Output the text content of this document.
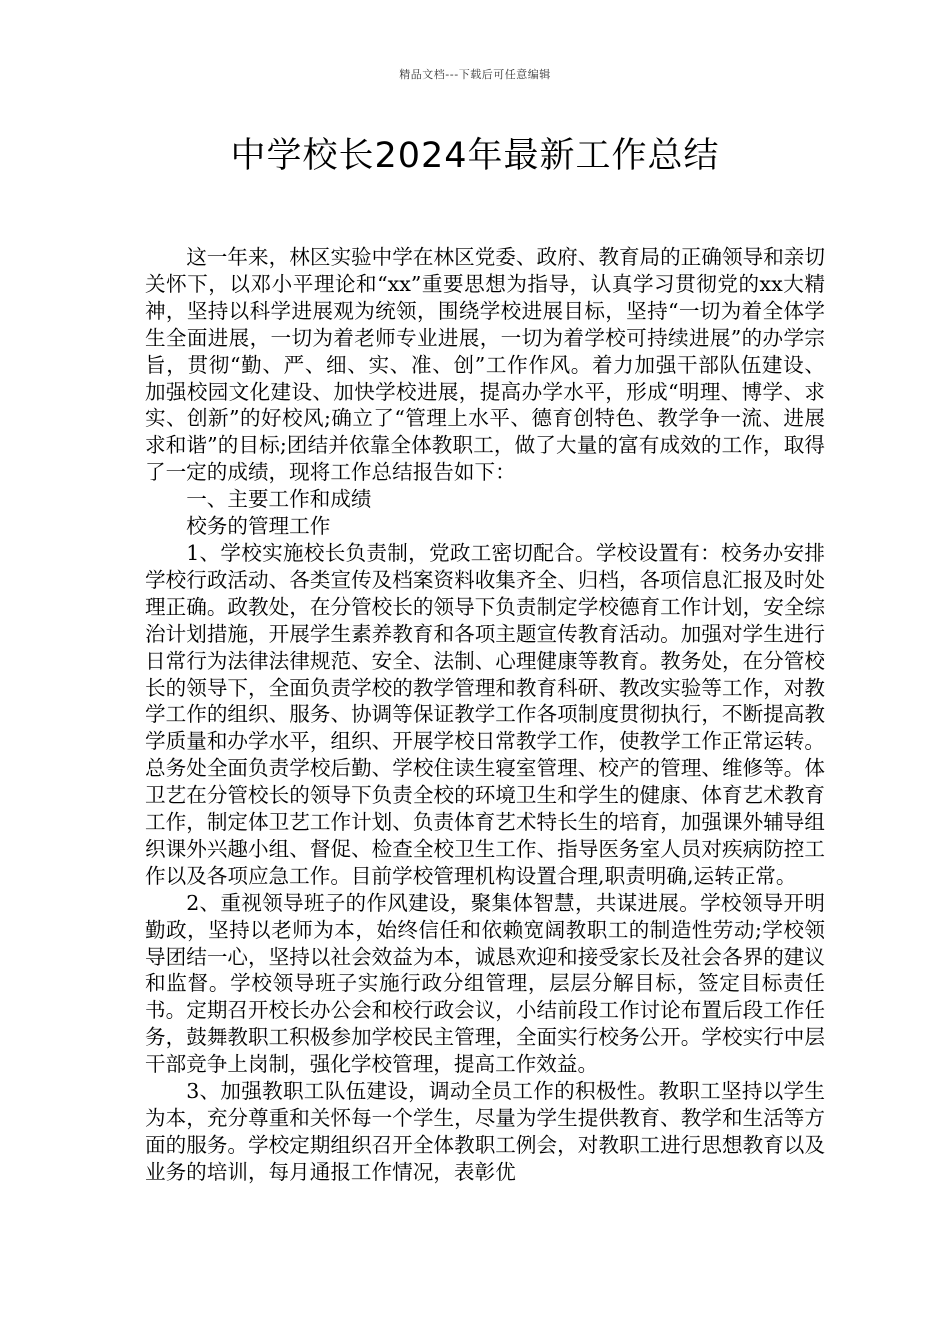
精品文档---下载后可任意编辑
中学校长2024年最新工作总结

这一年来，林区实验中学在林区党委、政府、教育局的正确领导和亲切关怀下，以邓小平理论和“xx”重要思想为指导，认真学习贯彻党的xx大精神，坚持以科学进展观为统领，围绕学校进展目标，坚持“一切为着全体学生全面进展，一切为着老师专业进展，一切为着学校可持续进展”的办学宗旨，贯彻“勤、严、细、实、准、创”工作作风。着力加强干部队伍建设、加强校园文化建设、加快学校进展，提高办学水平，形成“明理、博学、求实、创新”的好校风;确立了“管理上水平、德育创特色、教学争一流、进展求和谐”的目标;团结并依靠全体教职工，做了大量的富有成效的工作，取得了一定的成绩，现将工作总结报告如下：

一、主要工作和成绩

校务的管理工作

1、学校实施校长负责制，党政工密切配合。学校设置有：校务办安排学校行政活动、各类宣传及档案资料收集齐全、归档，各项信息汇报及时处理正确。政教处，在分管校长的领导下负责制定学校德育工作计划，安全综治计划措施，开展学生素养教育和各项主题宣传教育活动。加强对学生进行日常行为法律法律规范、安全、法制、心理健康等教育。教务处，在分管校长的领导下，全面负责学校的教学管理和教育科研、教改实验等工作，对教学工作的组织、服务、协调等保证教学工作各项制度贯彻执行，不断提高教学质量和办学水平，组织、开展学校日常教学工作，使教学工作正常运转。总务处全面负责学校后勤、学校住读生寝室管理、校产的管理、维修等。体卫艺在分管校长的领导下负责全校的环境卫生和学生的健康、体育艺术教育工作，制定体卫艺工作计划、负责体育艺术特长生的培育，加强课外辅导组织课外兴趣小组、督促、检查全校卫生工作、指导医务室人员对疾病防控工作以及各项应急工作。目前学校管理机构设置合理,职责明确,运转正常。

2、重视领导班子的作风建设，聚集体智慧，共谋进展。学校领导开明勤政，坚持以老师为本，始终信任和依赖宽阔教职工的制造性劳动;学校领导团结一心，坚持以社会效益为本，诚恳欢迎和接受家长及社会各界的建议和监督。学校领导班子实施行政分组管理，层层分解目标，签定目标责任书。定期召开校长办公会和校行政会议，小结前段工作讨论布置后段工作任务，鼓舞教职工积极参加学校民主管理，全面实行校务公开。学校实行中层干部竞争上岗制，强化学校管理，提高工作效益。

3、加强教职工队伍建设，调动全员工作的积极性。教职工坚持以学生为本，充分尊重和关怀每一个学生，尽量为学生提供教育、教学和生活等方面的服务。学校定期组织召开全体教职工例会，对教职工进行思想教育以及业务的培训，每月通报工作情况，表彰优
